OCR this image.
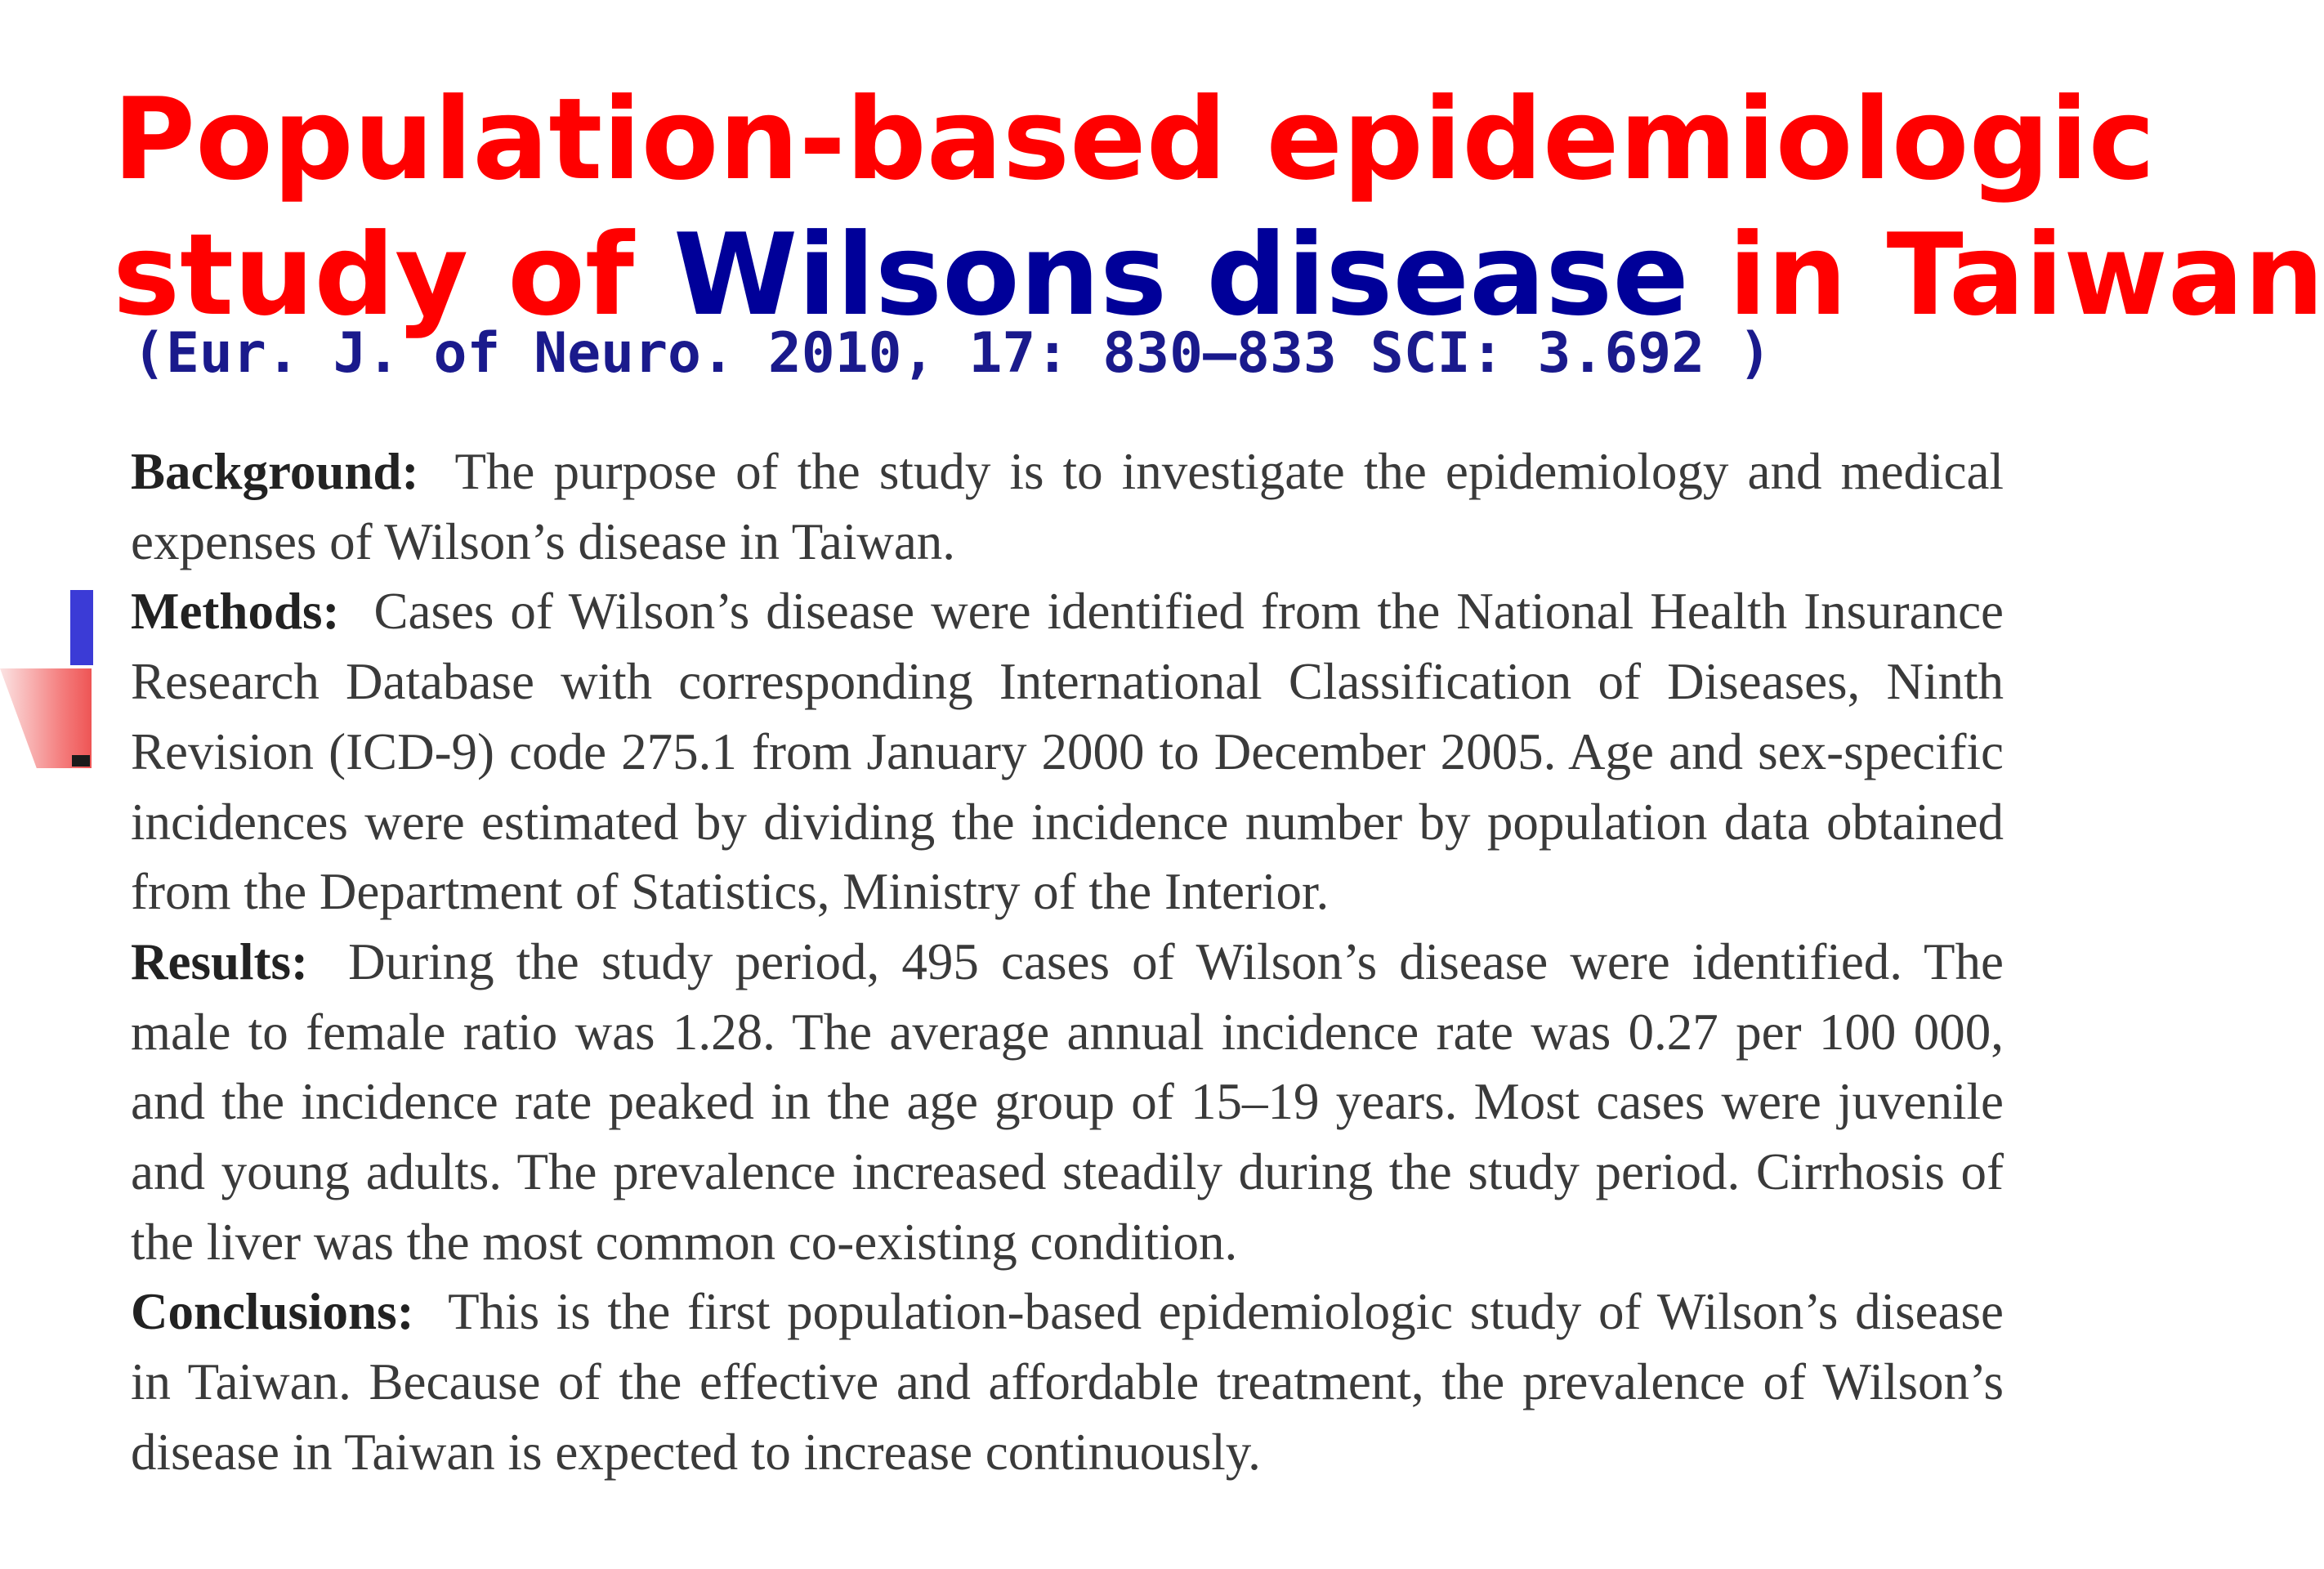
Population-based epidemiologic
study of Wilsons disease in Taiwan
(Eur. J. of Neuro. 2010, 17: 830–833 SCI: 3.692 )

Background: The purpose of the study is to investigate the epidemiology and medical expenses of Wilson’s disease in Taiwan.

Methods: Cases of Wilson’s disease were identified from the National Health Insurance Research Database with corresponding International Classification of Diseases, Ninth Revision (ICD-9) code 275.1 from January 2000 to December 2005. Age and sex-specific incidences were estimated by dividing the incidence number by population data obtained from the Department of Statistics, Ministry of the Interior.

Results: During the study period, 495 cases of Wilson’s disease were identified. The male to female ratio was 1.28. The average annual incidence rate was 0.27 per 100 000, and the incidence rate peaked in the age group of 15–19 years. Most cases were juvenile and young adults. The prevalence increased steadily during the study period. Cirrhosis of the liver was the most common co-existing condition.

Conclusions: This is the first population-based epidemiologic study of Wilson’s disease in Taiwan. Because of the effective and affordable treatment, the prevalence of Wilson’s disease in Taiwan is expected to increase continuously.
